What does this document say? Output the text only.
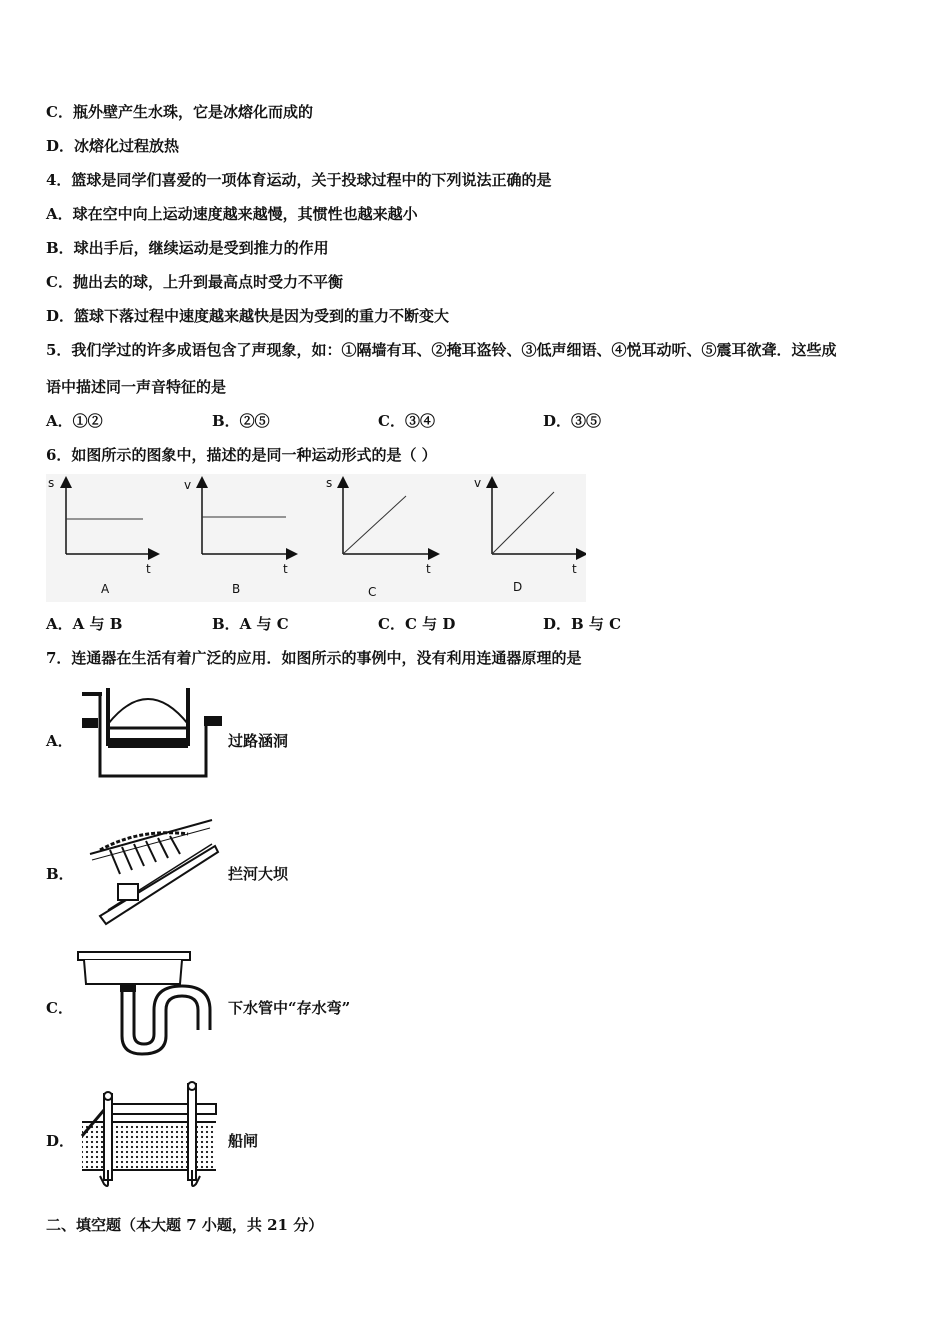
C．瓶外壁产生水珠，它是冰熔化而成的
D．冰熔化过程放热
4．篮球是同学们喜爱的一项体育运动，关于投球过程中的下列说法正确的是
A．球在空中向上运动速度越来越慢，其惯性也越来越小
B．球出手后，继续运动是受到推力的作用
C．抛出去的球，上升到最高点时受力不平衡
D．篮球下落过程中速度越来越快是因为受到的重力不断变大
5．我们学过的许多成语包含了声现象，如：①隔墙有耳、②掩耳盗铃、③低声细语、④悦耳动听、⑤震耳欲聋．这些成
语中描述同一声音特征的是
A．①②	B．②⑤	C．③④	D．③⑤
6．如图所示的图象中，描述的是同一种运动形式的是（ ）
s
t
A
v
t
B
s
t
C
v
t
D
A．A 与 B	B．A 与 C	C．C 与 D	D．B 与 C
7．连通器在生活有着广泛的应用．如图所示的事例中，没有利用连通器原理的是
A．	过路涵洞
B．	拦河大坝
C．	下水管中“存水弯”
D．	船闸
二、填空题（本大题 7 小题，共 21 分）
